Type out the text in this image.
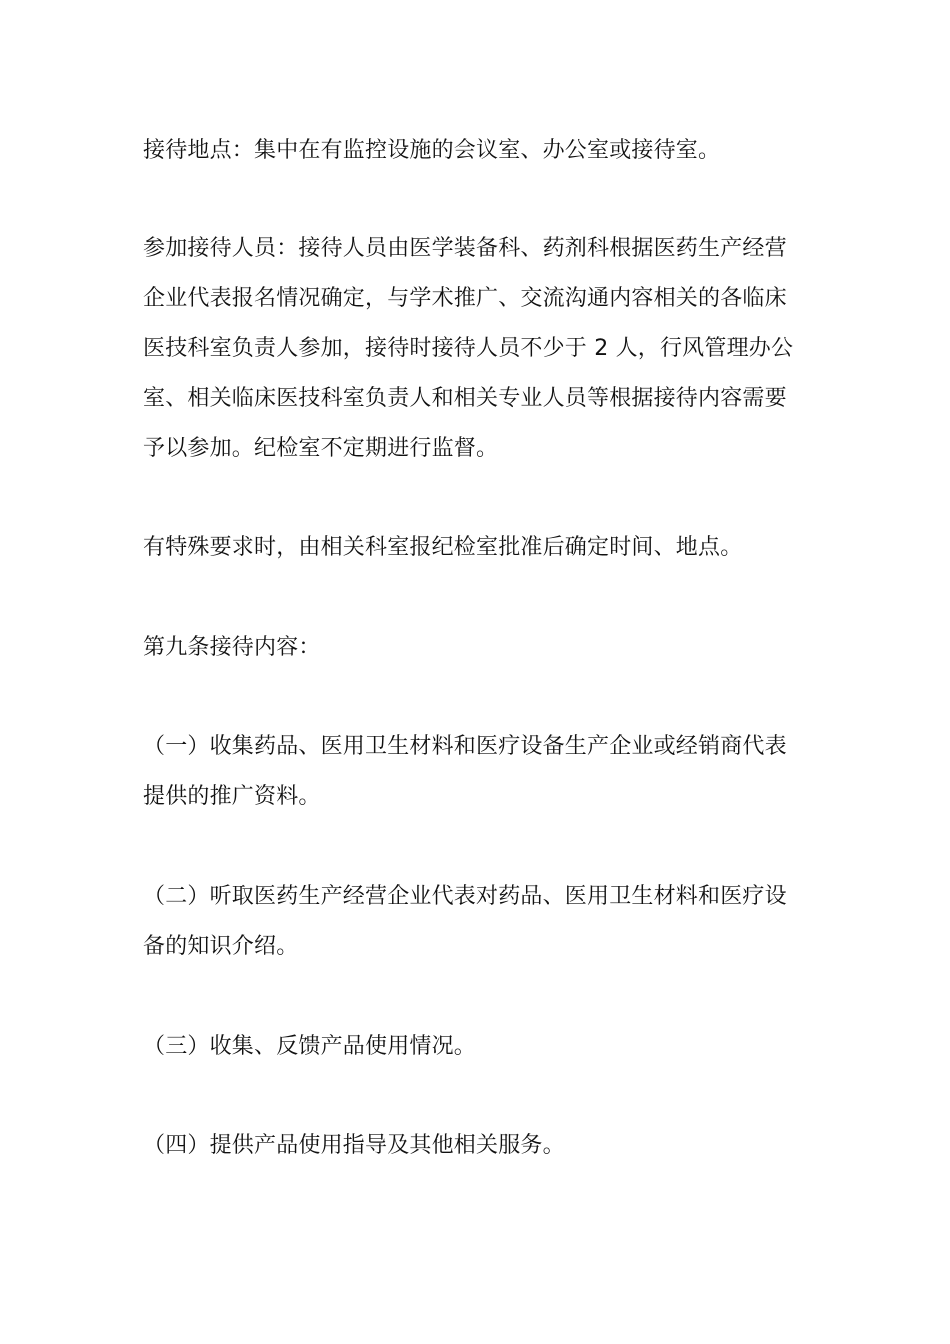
接待地点：集中在有监控设施的会议室、办公室或接待室。

参加接待人员：接待人员由医学装备科、药剂科根据医药生产经营
企业代表报名情况确定，与学术推广、交流沟通内容相关的各临床
医技科室负责人参加，接待时接待人员不少于 2 人，行风管理办公
室、相关临床医技科室负责人和相关专业人员等根据接待内容需要
予以参加。纪检室不定期进行监督。

有特殊要求时，由相关科室报纪检室批准后确定时间、地点。

第九条接待内容：

（一）收集药品、医用卫生材料和医疗设备生产企业或经销商代表
提供的推广资料。

（二）听取医药生产经营企业代表对药品、医用卫生材料和医疗设
备的知识介绍。

（三）收集、反馈产品使用情况。

（四）提供产品使用指导及其他相关服务。
